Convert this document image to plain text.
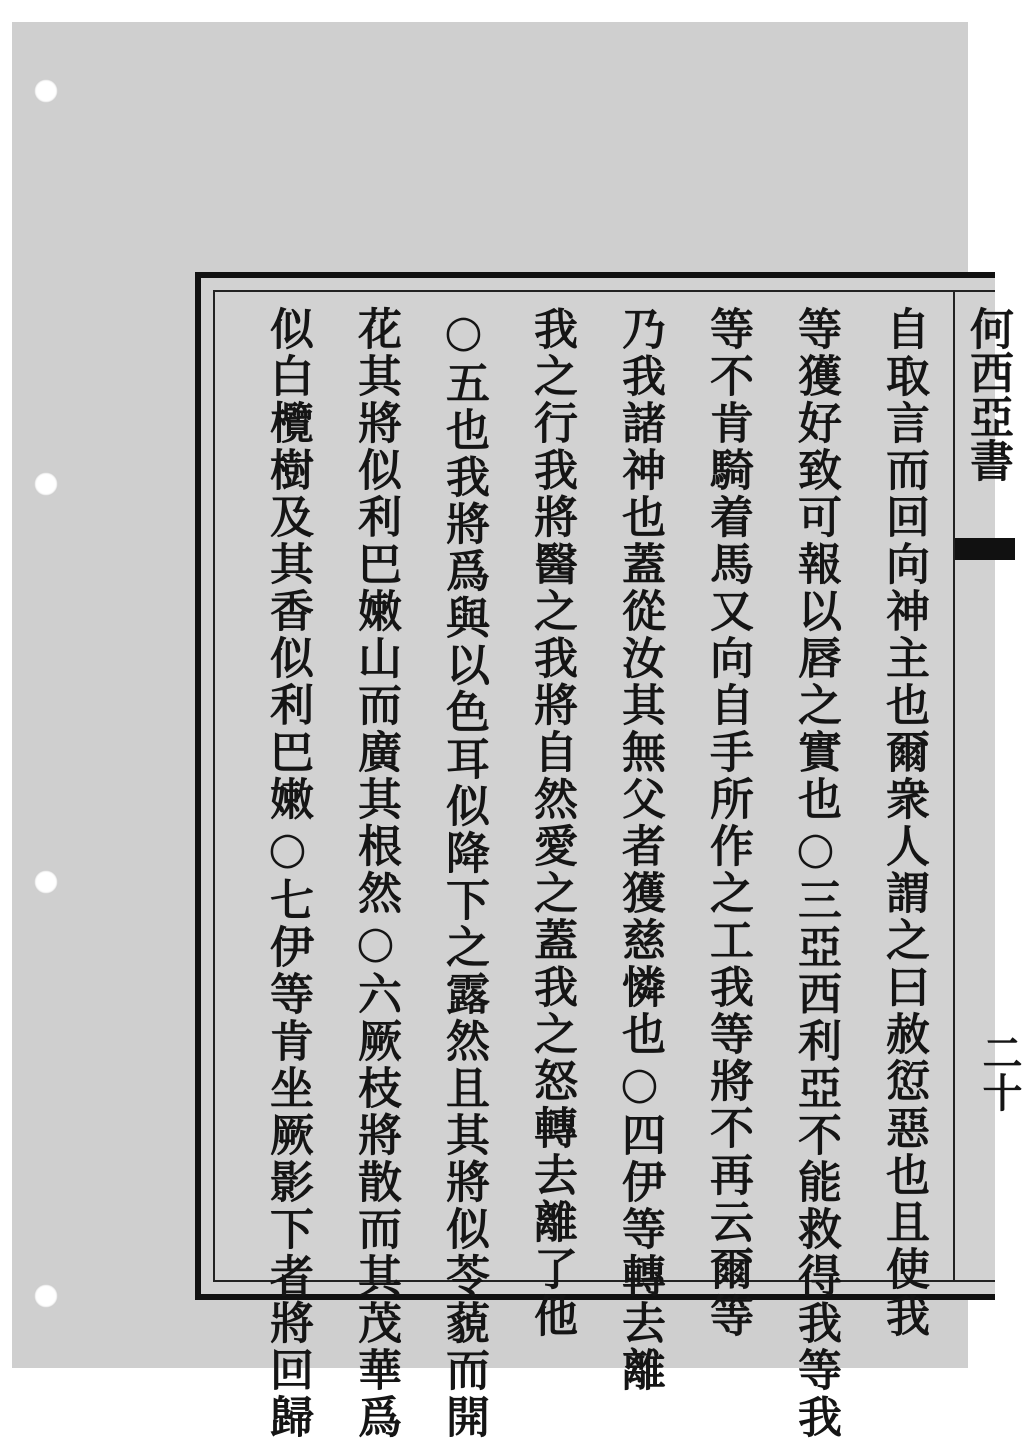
何西亞書
二十
自取言而回向神主也爾衆人謂之曰赦愆惡也且使我
等獲好致可報以唇之實也○三亞西利亞不能救得我等我
等不肯騎着馬又向自手所作之工我等將不再云爾等
乃我諸神也蓋從汝其無父者獲慈憐也○四伊等轉去離
我之行我將醫之我將自然愛之蓋我之怒轉去離了他
○五也我將爲與以色耳似降下之露然且其將似苓藐而開
花其將似利巴嫩山而廣其根然○六厥枝將散而其茂華爲
似白欖樹及其香似利巴嫩○七伊等肯坐厥影下者將回歸
